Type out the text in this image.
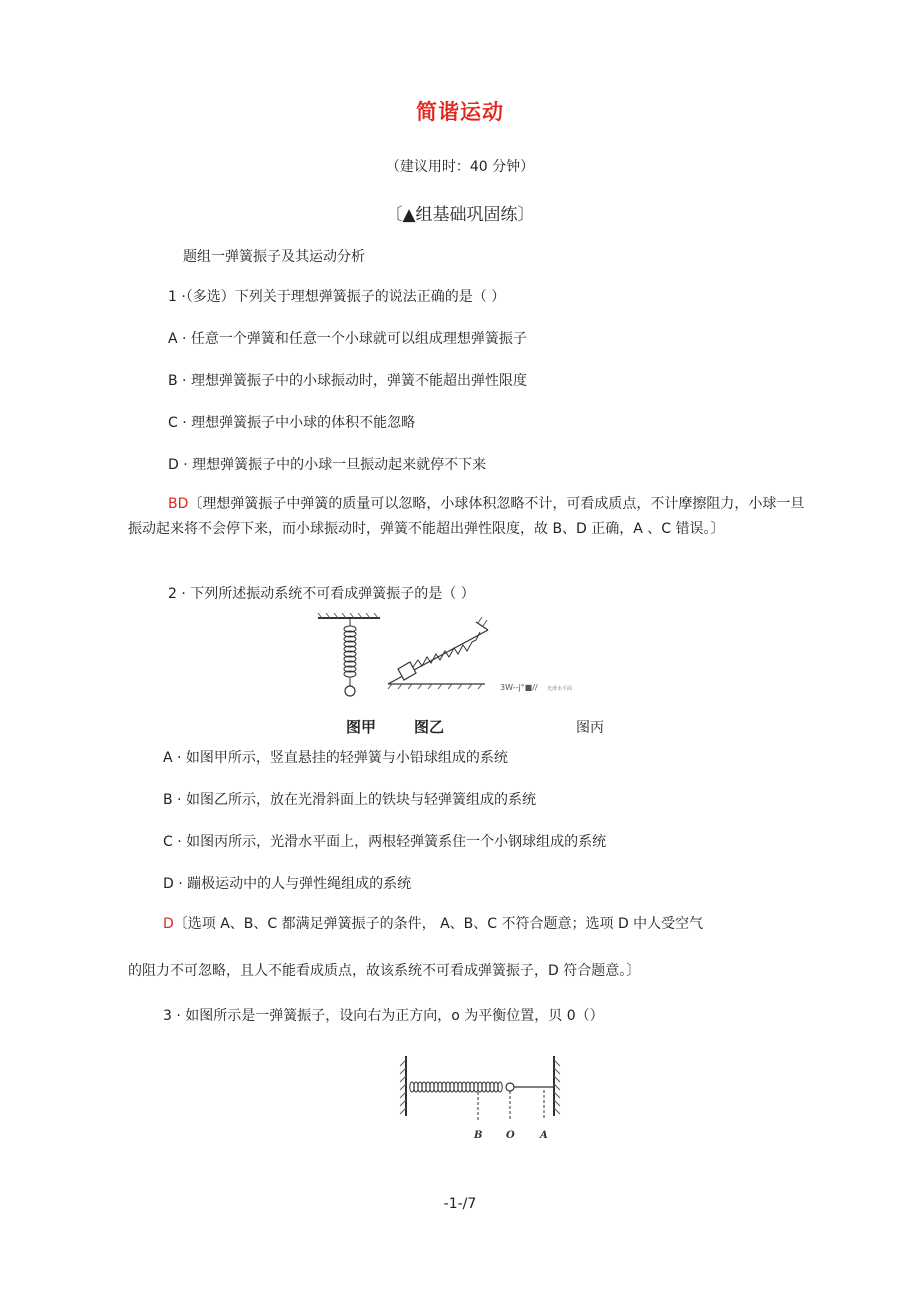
简谐运动
（建议用时：40 分钟）
〔▲组基础巩固练〕
题组一弹簧振子及其运动分析
1 ·（多选）下列关于理想弹簧振子的说法正确的是（ ）
A · 任意一个弹簧和任意一个小球就可以组成理想弹簧振子
B · 理想弹簧振子中的小球振动时，弹簧不能超出弹性限度
C · 理想弹簧振子中小球的体积不能忽略
D · 理想弹簧振子中的小球一旦振动起来就停不下来
BD〔理想弹簧振子中弹簧的质量可以忽略，小球体积忽略不计，可看成质点，不计摩擦阻力，小球一旦振动起来将不会停下来，而小球振动时，弹簧不能超出弹性限度，故 B、D 正确，A 、C 错误。〕
2 · 下列所述振动系统不可看成弹簧振子的是（ ）
3W--j°■// 光滑水平面
图甲	图乙	图丙
A · 如图甲所示，竖直悬挂的轻弹簧与小铅球组成的系统
B · 如图乙所示，放在光滑斜面上的铁块与轻弹簧组成的系统
C · 如图丙所示，光滑水平面上，两根轻弹簧系住一个小钢球组成的系统
D · 蹦极运动中的人与弹性绳组成的系统
D〔选项 A、B、C 都满足弹簧振子的条件， A、B、C 不符合题意；选项 D 中人受空气
的阻力不可忽略，且人不能看成质点，故该系统不可看成弹簧振子，D 符合题意。〕
3 · 如图所示是一弹簧振子，设向右为正方向，o 为平衡位置，贝 0（）
B O	A
-1-/7
